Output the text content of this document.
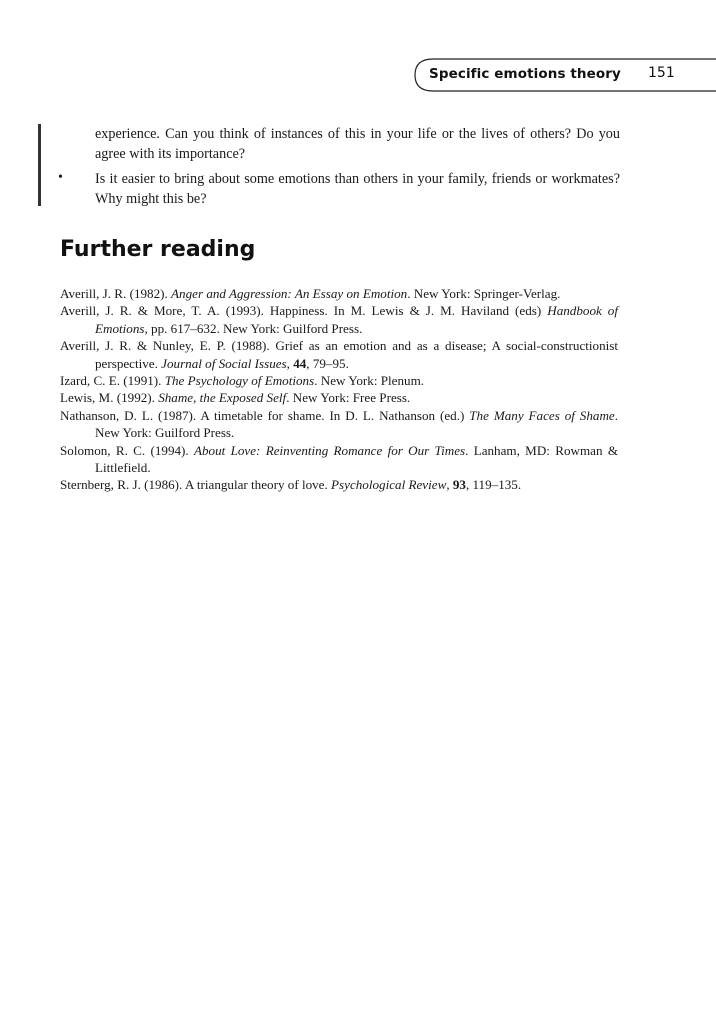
Specific emotions theory 151

experience. Can you think of instances of this in your life or the lives of others? Do you agree with its importance?

• Is it easier to bring about some emotions than others in your family, friends or workmates? Why might this be?

Further reading
Averill, J. R. (1982). Anger and Aggression: An Essay on Emotion. New York: Springer-Verlag.
Averill, J. R. & More, T. A. (1993). Happiness. In M. Lewis & J. M. Haviland (eds) Handbook of Emotions, pp. 617–632. New York: Guilford Press.
Averill, J. R. & Nunley, E. P. (1988). Grief as an emotion and as a disease; A social-constructionist perspective. Journal of Social Issues, 44, 79–95.
Izard, C. E. (1991). The Psychology of Emotions. New York: Plenum.
Lewis, M. (1992). Shame, the Exposed Self. New York: Free Press.
Nathanson, D. L. (1987). A timetable for shame. In D. L. Nathanson (ed.) The Many Faces of Shame. New York: Guilford Press.
Solomon, R. C. (1994). About Love: Reinventing Romance for Our Times. Lanham, MD: Rowman & Littlefield.
Sternberg, R. J. (1986). A triangular theory of love. Psychological Review, 93, 119–135.
